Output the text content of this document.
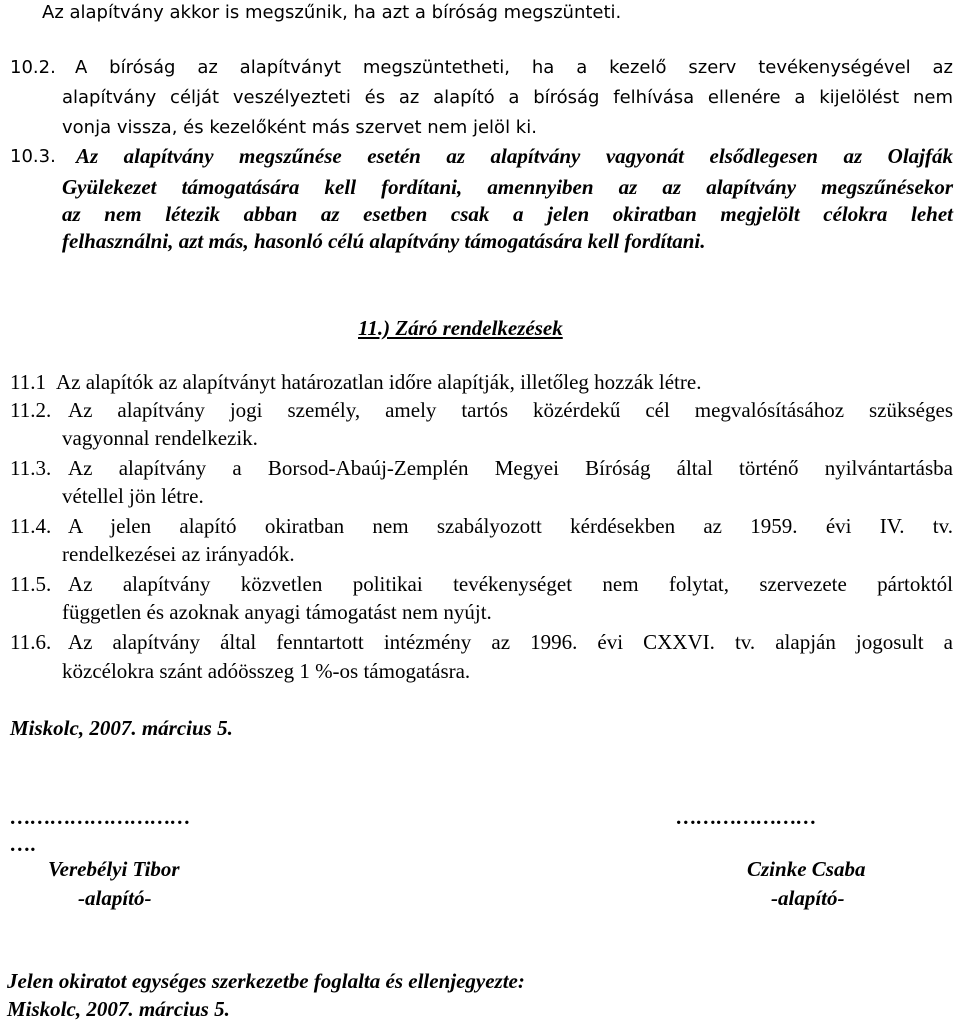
Az alapítvány akkor is megszűnik, ha azt a bíróság megszünteti.
10.2. A bíróság az alapítványt megszüntetheti, ha a kezelő szerv tevékenységével az
alapítvány célját veszélyezteti és az alapító a bíróság felhívása ellenére a kijelölést nem
vonja vissza, és kezelőként más szervet nem jelöl ki.
10.3. Az alapítvány megszűnése esetén az alapítvány vagyonát elsődlegesen az Olajfák
Gyülekezet támogatására kell fordítani, amennyiben az az alapítvány megszűnésekor
az nem létezik abban az esetben csak a jelen okiratban megjelölt célokra lehet
felhasználni, azt más, hasonló célú alapítvány támogatására kell fordítani.
11.) Záró rendelkezések
11.1 Az alapítók az alapítványt határozatlan időre alapítják, illetőleg hozzák létre.
11.2. Az alapítvány jogi személy, amely tartós közérdekű cél megvalósításához szükséges
vagyonnal rendelkezik.
11.3. Az alapítvány a Borsod-Abaúj-Zemplén Megyei Bíróság által történő nyilvántartásba
vétellel jön létre.
11.4. A jelen alapító okiratban nem szabályozott kérdésekben az 1959. évi IV. tv.
rendelkezései az irányadók.
11.5. Az alapítvány közvetlen politikai tevékenységet nem folytat, szervezete pártoktól
független és azoknak anyagi támogatást nem nyújt.
11.6. Az alapítvány által fenntartott intézmény az 1996. évi CXXVI. tv. alapján jogosult a
közcélokra szánt adóösszeg 1 %-os támogatásra.
Miskolc, 2007. március 5.
………………………
….
Verebélyi Tibor
-alapító-
…………………
Czinke Csaba
-alapító-
Jelen okiratot egységes szerkezetbe foglalta és ellenjegyezte:
Miskolc, 2007. március 5.
